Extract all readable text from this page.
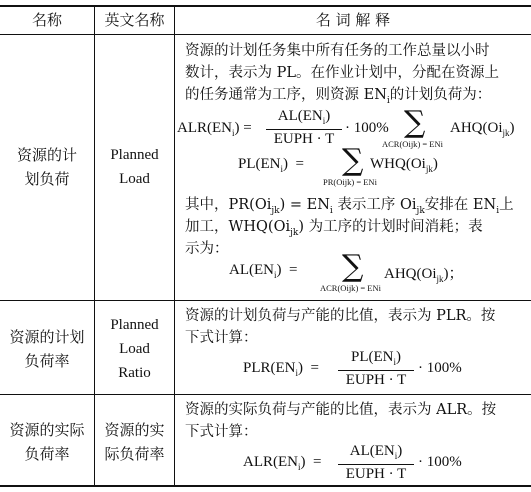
名称	英文名称	名 词 解 释
资源的计
划负荷
Planned
Load
资源的计划任务集中所有任务的工作总量以小时
数计，表示为 PL。在作业计划中，分配在资源上
的任务通常为工序，则资源 $EN_i$的计划负荷为：
$ALR(EN_i)$ =
$AL(EN_i)$
EUPH · T
· 100% ∑
ACR(Oijk) = ENi
$AHQ(Oi_{jk})$
$PL(EN_i)$ = ∑
PR(Oijk) = ENi
$WHQ(Oi_{jk})$
其中，$PR(Oi_{jk}) = EN_i$ 表示工序 $Oi_{jk}$安排在 $EN_i$上
加工，$WHQ(Oi_{jk})$ 为工序的计划时间消耗；表
示为：
$AL(EN_i)$ = ∑
ACR(Oijk) = ENi
$AHQ(Oi_{jk})$；
资源的计划
负荷率
Planned
Load
Ratio
资源的计划负荷与产能的比值，表示为 PLR。按
下式计算：
$PLR(EN_i)$ =
$PL(EN_i)$
EUPH · T
· 100%
资源的实际
负荷率
资源的实
际负荷率
资源的实际负荷与产能的比值，表示为 ALR。按
下式计算：
$ALR(EN_i)$ =
$AL(EN_i)$
EUPH · T
· 100%
